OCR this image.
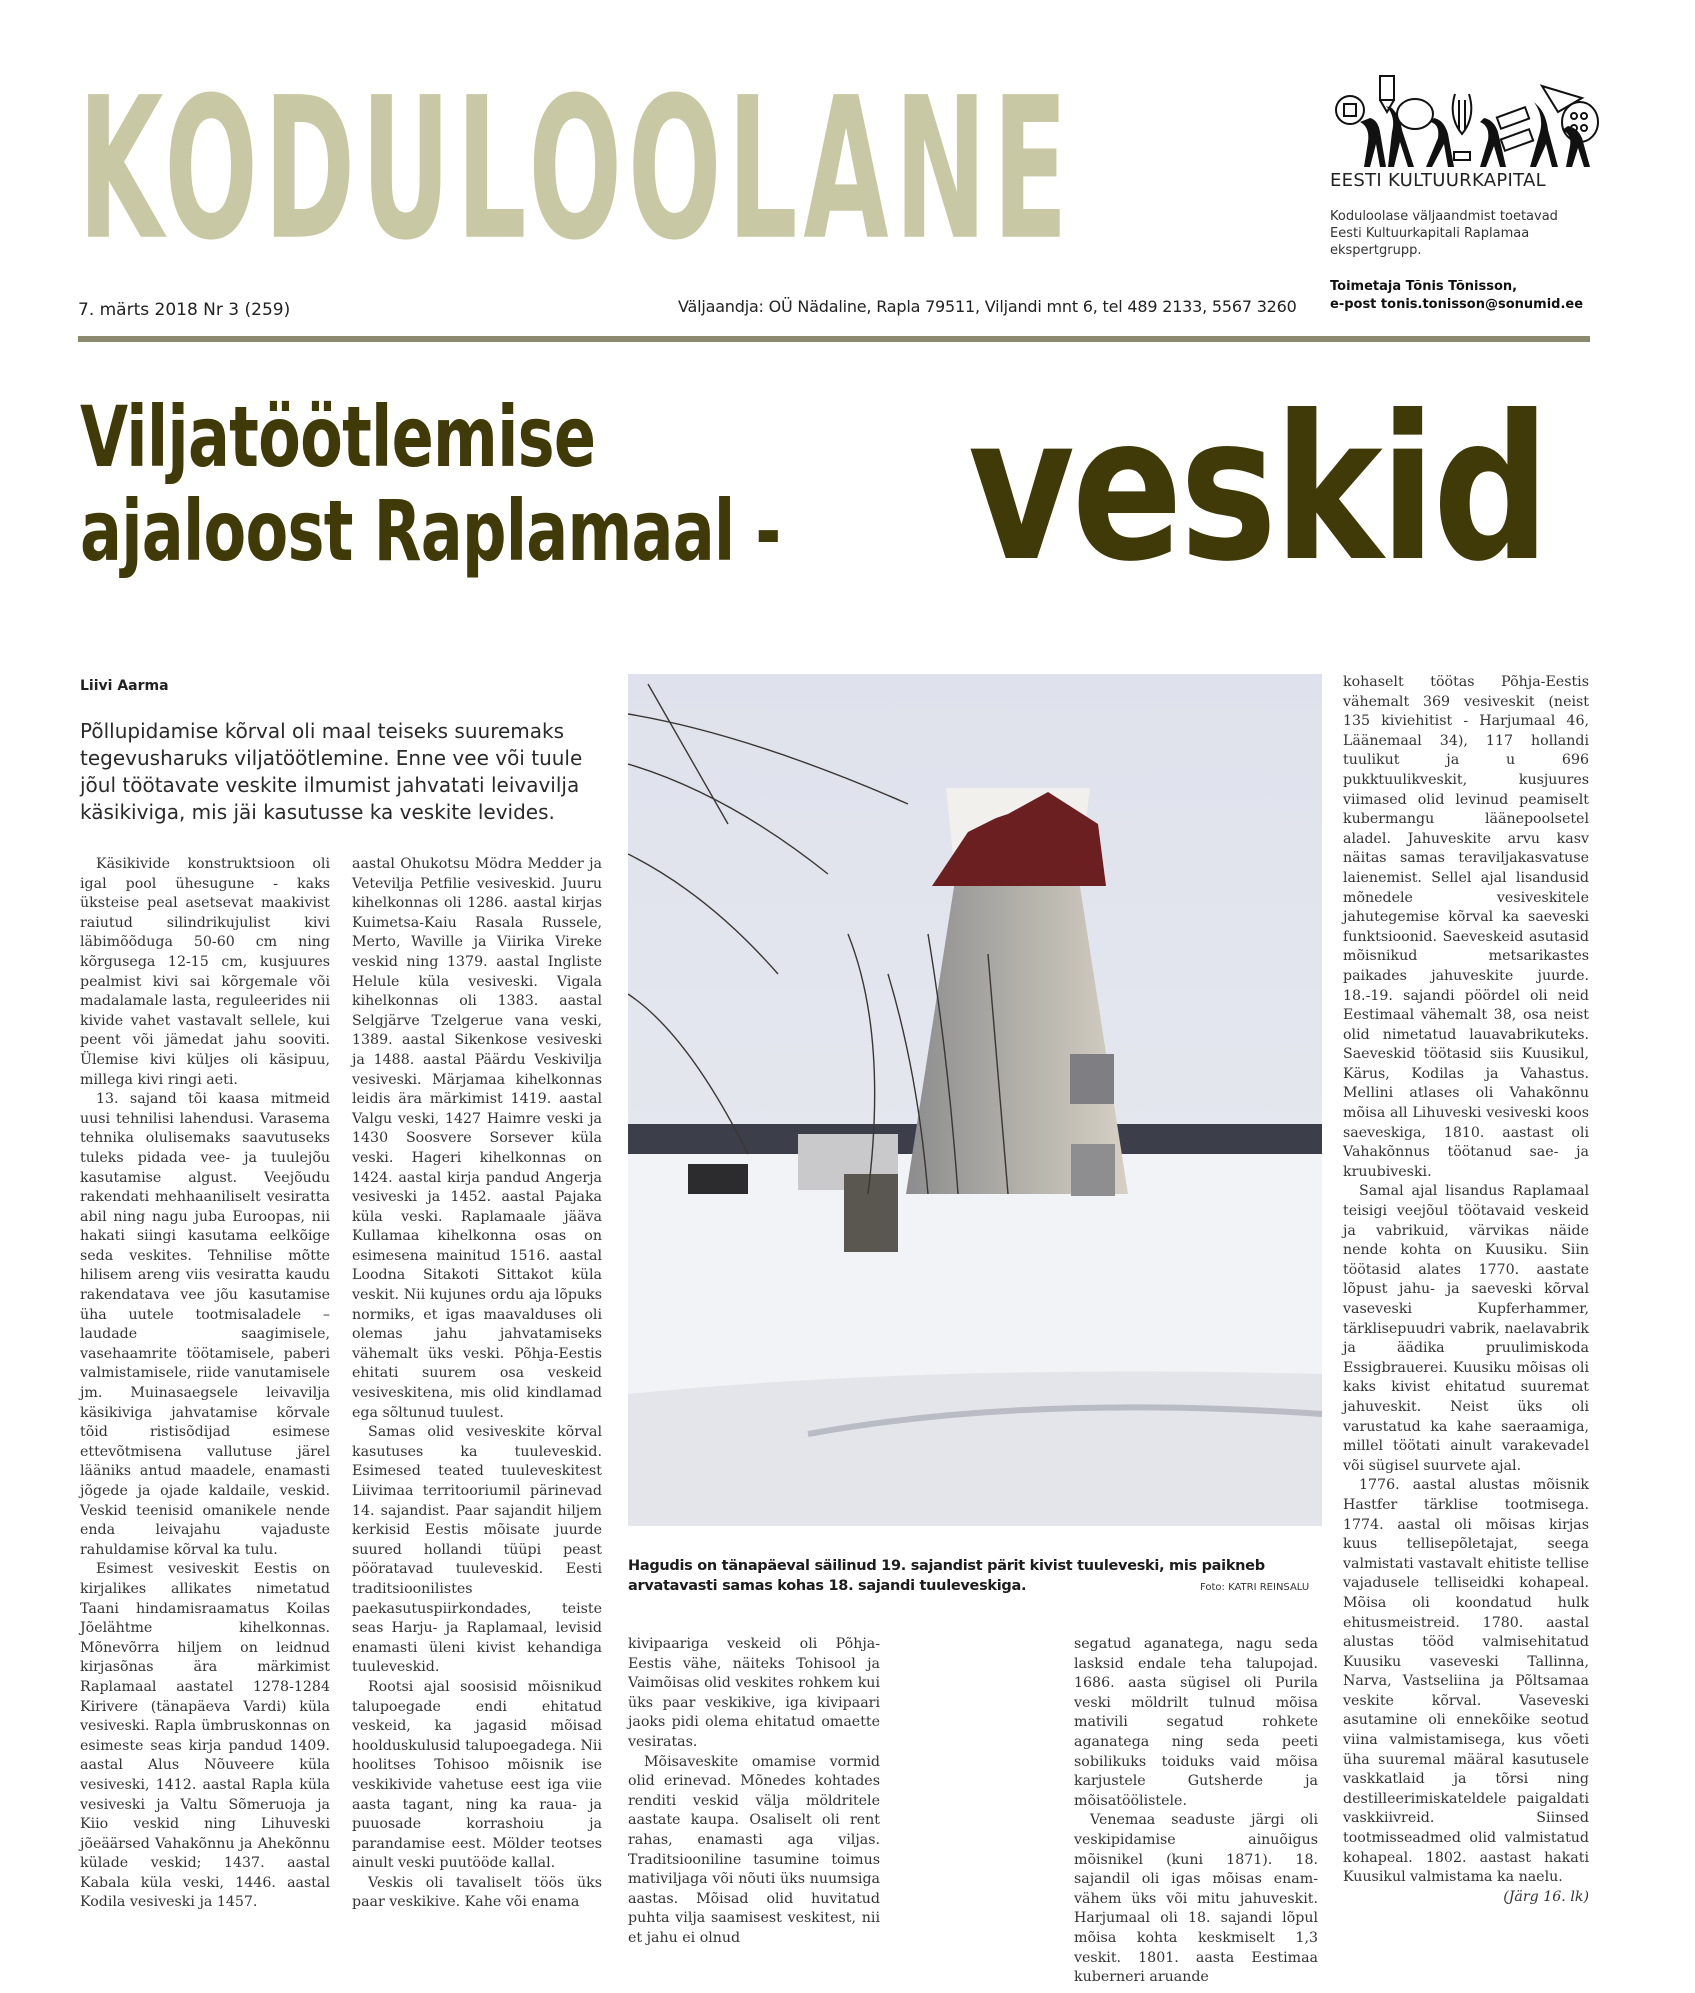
KODULOOLANE	EESTI KULTUURKAPITAL
Koduloolase väljaandmist toetavad Eesti Kultuurkapitali Raplamaa ekspertgrupp.
Toimetaja Tõnis Tõnisson,
e-post tonis.tonisson@sonumid.ee
7. märts 2018 Nr 3 (259)	Väljaandja: OÜ Nädaline, Rapla 79511, Viljandi mnt 6, tel 489 2133, 5567 3260
Viljatöötlemise
ajaloost Raplamaal - veskid
Liivi Aarma
Põllupidamise kõrval oli maal teiseks suuremaks tegevusharuks viljatöötlemine. Enne vee või tuule jõul töötavate veskite ilmumist jahvatati leivavilja käsikiviga, mis jäi kasutusse ka veskite levides.

Käsikivide konstruktsioon oli igal pool ühesugune - kaks üksteise peal asetsevat maakivist raiutud silindrikujulist kivi läbimõõduga 50-60 cm ning kõrgusega 12-15 cm, kusjuures pealmist kivi sai kõrgemale või madalamale lasta, reguleerides nii kivide vahet vastavalt sellele, kui peent või jämedat jahu sooviti. Ülemise kivi küljes oli käsipuu, millega kivi ringi aeti.

13. sajand tõi kaasa mitmeid uusi tehnilisi lahendusi. Varasema tehnika olulisemaks saavutuseks tuleks pidada vee- ja tuulejõu kasutamise algust. Veejõudu rakendati mehhaaniliselt vesiratta abil ning nagu juba Euroopas, nii hakati siingi kasutama eelkõige seda veskites. Tehnilise mõtte hilisem areng viis vesiratta kaudu rakendatava vee jõu kasutamise üha uutele tootmisaladele – laudade saagimisele, vasehaamrite töötamisele, paberi valmistamisele, riide vanutamisele jm. Muinasaegsele leivavilja käsikiviga jahvatamise kõrvale tõid ristisõdijad esimese ettevõtmisena vallutuse järel lääniks antud maadele, enamasti jõgede ja ojade kaldaile, veskid. Veskid teenisid omanikele nende enda leivajahu vajaduste rahuldamise kõrval ka tulu.

Esimest vesiveskit Eestis on kirjalikes allikates nimetatud Taani hindamisraamatus Koilas Jõelähtme kihelkonnas. Mõnevõrra hiljem on leidnud kirjasõnas ära märkimist Raplamaal aastatel 1278-1284 Kirivere (tänapäeva Vardi) küla vesiveski. Rapla ümbruskonnas on esimeste seas kirja pandud 1409. aastal Alus Nõuveere küla vesiveski, 1412. aastal Rapla küla vesiveski ja Valtu Sõmeruoja ja Kiio veskid ning Lihuveski jõeäärsed Vahakõnnu ja Ahekõnnu külade veskid; 1437. aastal Kabala küla veski, 1446. aastal Kodila vesiveski ja 1457.

aastal Ohukotsu Mödra Medder ja Vetevilja Petfilie vesiveskid. Juuru kihelkonnas oli 1286. aastal kirjas Kuimetsa-Kaiu Rasala Russele, Merto, Waville ja Viirika Vireke veskid ning 1379. aastal Ingliste Helule küla vesiveski. Vigala kihelkonnas oli 1383. aastal Selgjärve Tzelgerue vana veski, 1389. aastal Sikenkose vesiveski ja 1488. aastal Päärdu Veskivilja vesiveski. Märjamaa kihelkonnas leidis ära märkimist 1419. aastal Valgu veski, 1427 Haimre veski ja 1430 Soosvere Sorsever küla veski. Hageri kihelkonnas on 1424. aastal kirja pandud Angerja vesiveski ja 1452. aastal Pajaka küla veski. Raplamaale jääva Kullamaa kihelkonna osas on esimesena mainitud 1516. aastal Loodna Sitakoti Sittakot küla veskit. Nii kujunes ordu aja lõpuks normiks, et igas maavalduses oli olemas jahu jahvatamiseks vähemalt üks veski. Põhja-Eestis ehitati suurem osa veskeid vesiveskitena, mis olid kindlamad ega sõltunud tuulest.

Samas olid vesiveskite kõrval kasutuses ka tuuleveskid. Esimesed teated tuuleveskitest Liivimaa territooriumil pärinevad 14. sajandist. Paar sajandit hiljem kerkisid Eestis mõisate juurde suured hollandi tüüpi peast pööratavad tuuleveskid. Eesti traditsioonilistes paekasutuspiirkondades, teiste seas Harju- ja Raplamaal, levisid enamasti üleni kivist kehandiga tuuleveskid.

Rootsi ajal soosisid mõisnikud talupoegade endi ehitatud veskeid, ka jagasid mõisad hoolduskulusid talupoegadega. Nii hoolitses Tohisoo mõisnik ise veskikivide vahetuse eest iga viie aasta tagant, ning ka raua- ja puuosade korrashoiu ja parandamise eest. Mölder teotses ainult veski puutööde kallal.

Veskis oli tavaliselt töös üks paar veskikive. Kahe või enama

Hagudis on tänapäeval säilinud 19. sajandist pärit kivist tuuleveski, mis paikneb arvatavasti samas kohas 18. sajandi tuuleveskiga.	Foto: KATRI REINSALU

kivipaariga veskeid oli Põhja-Eestis vähe, näiteks Tohisool ja Vaimõisas olid veskites rohkem kui üks paar veskikive, iga kivipaari jaoks pidi olema ehitatud omaette vesiratas.

Mõisaveskite omamise vormid olid erinevad. Mõnedes kohtades renditi veskid välja möldritele aastate kaupa. Osaliselt oli rent rahas, enamasti aga viljas. Traditsiooniline tasumine toimus mativiljaga või nõuti üks nuumsiga aastas. Mõisad olid huvitatud puhta vilja saamisest veskitest, nii et jahu ei olnud

segatud aganatega, nagu seda lasksid endale teha talupojad. 1686. aasta sügisel oli Purila veski möldrilt tulnud mõisa mativili segatud rohkete aganatega ning seda peeti sobilikuks toiduks vaid mõisa karjustele Gutsherde ja mõisatöölistele.

Venemaa seaduste järgi oli veskipidamise ainuõigus mõisnikel (kuni 1871). 18. sajandil oli igas mõisas enam-vähem üks või mitu jahuveskit. Harjumaal oli 18. sajandi lõpul mõisa kohta keskmiselt 1,3 veskit. 1801. aasta Eestimaa kuberneri aruande

kohaselt töötas Põhja-Eestis vähemalt 369 vesiveskit (neist 135 kiviehitist - Harjumaal 46, Läänemaal 34), 117 hollandi tuulikut ja u 696 pukktuulikveskit, kusjuures viimased olid levinud peamiselt kubermangu läänepoolsetel aladel. Jahuveskite arvu kasv näitas samas teraviljakasvatuse laienemist. Sellel ajal lisandusid mõnedele vesiveskitele jahutegemise kõrval ka saeveski funktsioonid. Saeveskeid asutasid mõisnikud metsarikastes paikades jahuveskite juurde. 18.-19. sajandi pöördel oli neid Eestimaal vähemalt 38, osa neist olid nimetatud lauavabrikuteks. Saeveskid töötasid siis Kuusikul, Kärus, Kodilas ja Vahastus. Mellini atlases oli Vahakõnnu mõisa all Lihuveski vesiveski koos saeveskiga, 1810. aastast oli Vahakõnnus töötanud sae- ja kruubiveski.

Samal ajal lisandus Raplamaal teisigi veejõul töötavaid veskeid ja vabrikuid, värvikas näide nende kohta on Kuusiku. Siin töötasid alates 1770. aastate lõpust jahu- ja saeveski kõrval vaseveski Kupferhammer, tärklisepuudri vabrik, naelavabrik ja äädika pruulimiskoda Essigbrauerei. Kuusiku mõisas oli kaks kivist ehitatud suuremat jahuveskit. Neist üks oli varustatud ka kahe saeraamiga, millel töötati ainult varakevadel või sügisel suurvete ajal.

1776. aastal alustas mõisnik Hastfer tärklise tootmisega. 1774. aastal oli mõisas kirjas kuus tellisepõletajat, seega valmistati vastavalt ehitiste tellise vajadusele telliseidki kohapeal. Mõisa oli koondatud hulk ehitusmeistreid. 1780. aastal alustas tööd valmisehitatud Kuusiku vaseveski Tallinna, Narva, Vastseliina ja Põltsamaa veskite kõrval. Vaseveski asutamine oli ennekõike seotud viina valmistamisega, kus võeti üha suuremal määral kasutusele vaskkatlaid ja tõrsi ning destilleerimiskateldele paigaldati vaskkiivreid. Siinsed tootmisseadmed olid valmistatud kohapeal. 1802. aastast hakati Kuusikul valmistama ka naelu.

(Järg 16. lk)
